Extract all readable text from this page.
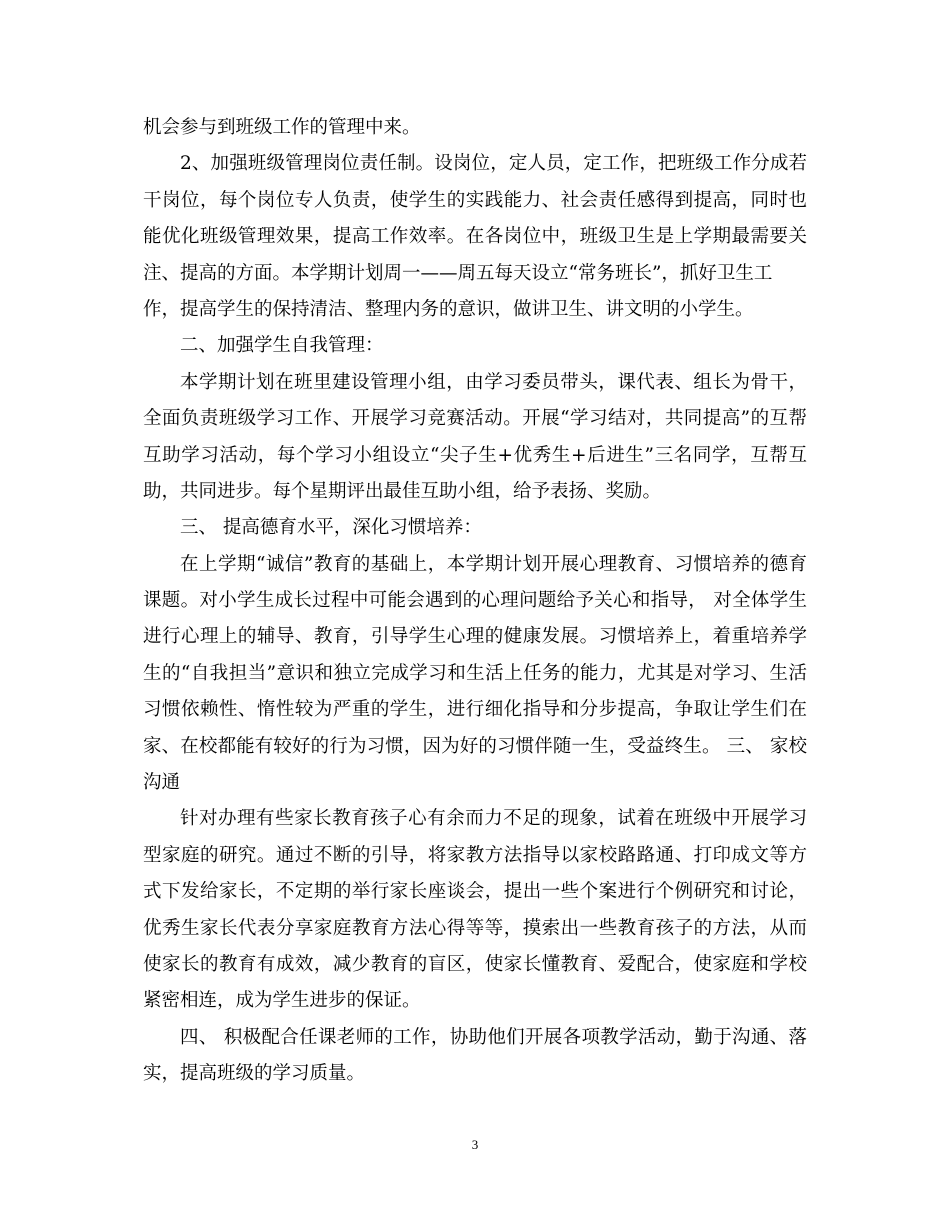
机会参与到班级工作的管理中来。
2、加强班级管理岗位责任制。设岗位，定人员，定工作，把班级工作分成若
干岗位，每个岗位专人负责，使学生的实践能力、社会责任感得到提高，同时也
能优化班级管理效果，提高工作效率。在各岗位中，班级卫生是上学期最需要关
注、提高的方面。本学期计划周一——周五每天设立“常务班长”，抓好卫生工
作，提高学生的保持清洁、整理内务的意识，做讲卫生、讲文明的小学生。
二、加强学生自我管理：
本学期计划在班里建设管理小组，由学习委员带头，课代表、组长为骨干，
全面负责班级学习工作、开展学习竞赛活动。开展“学习结对，共同提高”的互帮
互助学习活动，每个学习小组设立“尖子生+优秀生+后进生”三名同学，互帮互
助，共同进步。每个星期评出最佳互助小组，给予表扬、奖励。
三、 提高德育水平，深化习惯培养：
在上学期“诚信”教育的基础上，本学期计划开展心理教育、习惯培养的德育
课题。对小学生成长过程中可能会遇到的心理问题给予关心和指导， 对全体学生
进行心理上的辅导、教育，引导学生心理的健康发展。习惯培养上，着重培养学
生的“自我担当”意识和独立完成学习和生活上任务的能力，尤其是对学习、生活
习惯依赖性、惰性较为严重的学生，进行细化指导和分步提高，争取让学生们在
家、在校都能有较好的行为习惯，因为好的习惯伴随一生，受益终生。 三、 家校
沟通
针对办理有些家长教育孩子心有余而力不足的现象，试着在班级中开展学习
型家庭的研究。通过不断的引导，将家教方法指导以家校路路通、打印成文等方
式下发给家长，不定期的举行家长座谈会，提出一些个案进行个例研究和讨论，
优秀生家长代表分享家庭教育方法心得等等，摸索出一些教育孩子的方法，从而
使家长的教育有成效，减少教育的盲区，使家长懂教育、爱配合，使家庭和学校
紧密相连，成为学生进步的保证。
四、 积极配合任课老师的工作，协助他们开展各项教学活动，勤于沟通、落
实，提高班级的学习质量。
3
